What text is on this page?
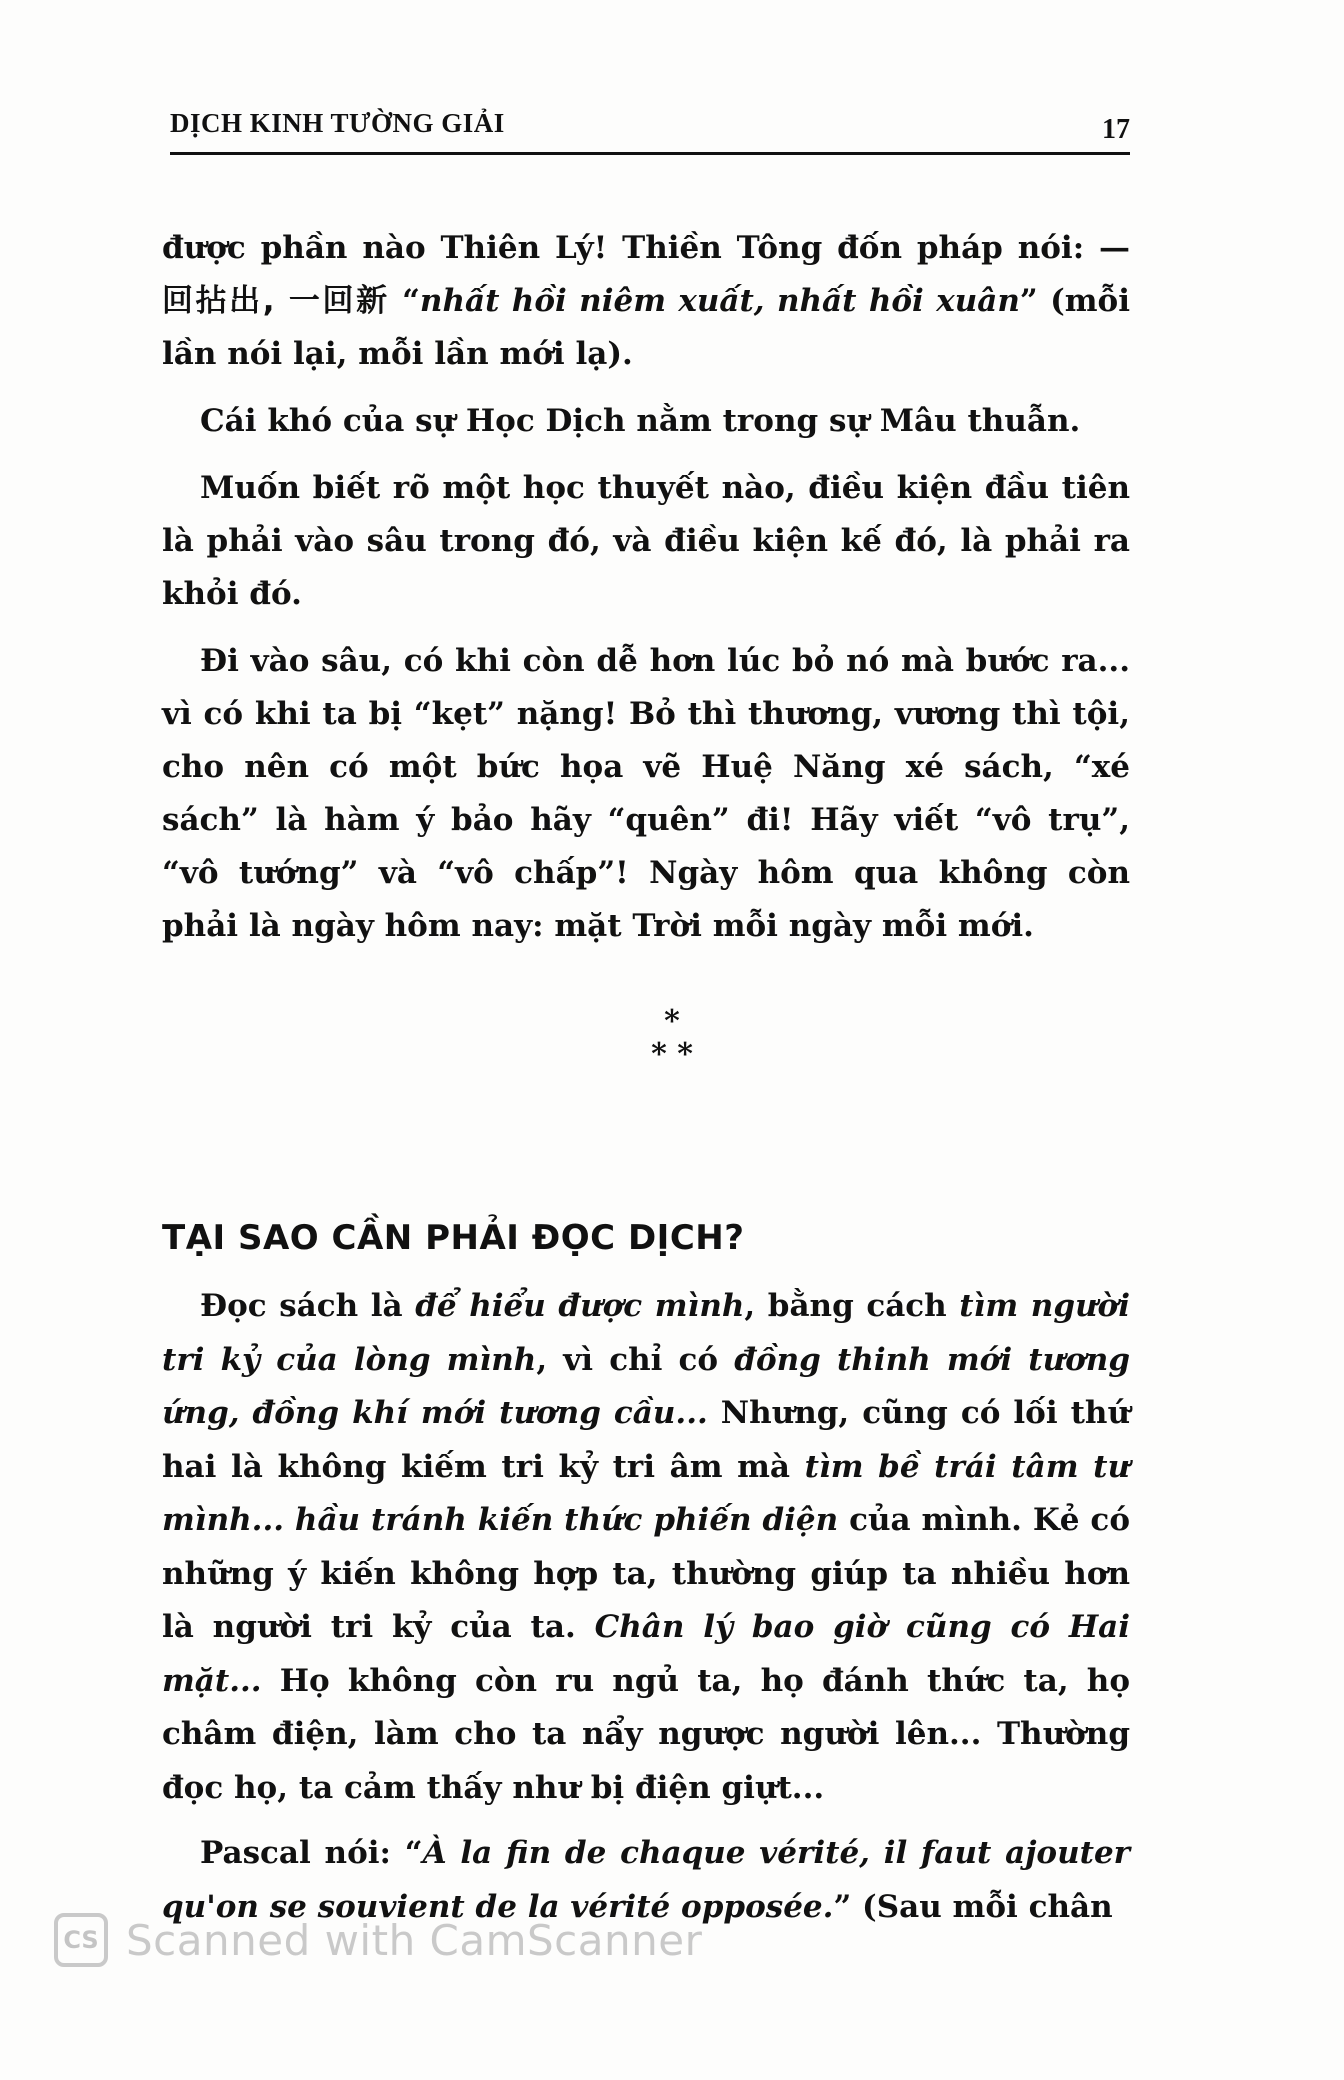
DỊCH KINH TƯỜNG GIẢI	17

được phần nào Thiên Lý! Thiền Tông đốn pháp nói: — 回拈出, 一回新 “nhất hồi niêm xuất, nhất hồi xuân” (mỗi lần nói lại, mỗi lần mới lạ).

Cái khó của sự Học Dịch nằm trong sự Mâu thuẫn.

Muốn biết rõ một học thuyết nào, điều kiện đầu tiên là phải vào sâu trong đó, và điều kiện kế đó, là phải ra khỏi đó.

Đi vào sâu, có khi còn dễ hơn lúc bỏ nó mà bước ra... vì có khi ta bị “kẹt” nặng! Bỏ thì thương, vương thì tội, cho nên có một bức họa vẽ Huệ Năng xé sách, “xé sách” là hàm ý bảo hãy “quên” đi! Hãy viết “vô trụ”, “vô tướng” và “vô chấp”! Ngày hôm qua không còn phải là ngày hôm nay: mặt Trời mỗi ngày mỗi mới.

*
* *
TẠI SAO CẦN PHẢI ĐỌC DỊCH?

Đọc sách là để hiểu được mình, bằng cách tìm người tri kỷ của lòng mình, vì chỉ có đồng thinh mới tương ứng, đồng khí mới tương cầu... Nhưng, cũng có lối thứ hai là không kiếm tri kỷ tri âm mà tìm bề trái tâm tư mình... hầu tránh kiến thức phiến diện của mình. Kẻ có những ý kiến không hợp ta, thường giúp ta nhiều hơn là người tri kỷ của ta. Chân lý bao giờ cũng có Hai mặt... Họ không còn ru ngủ ta, họ đánh thức ta, họ châm điện, làm cho ta nẩy ngược người lên... Thường đọc họ, ta cảm thấy như bị điện giựt...

Pascal nói: “À la fin de chaque vérité, il faut ajouter qu'on se souvient de la vérité opposée.” (Sau mỗi chân

CS Scanned with CamScanner
